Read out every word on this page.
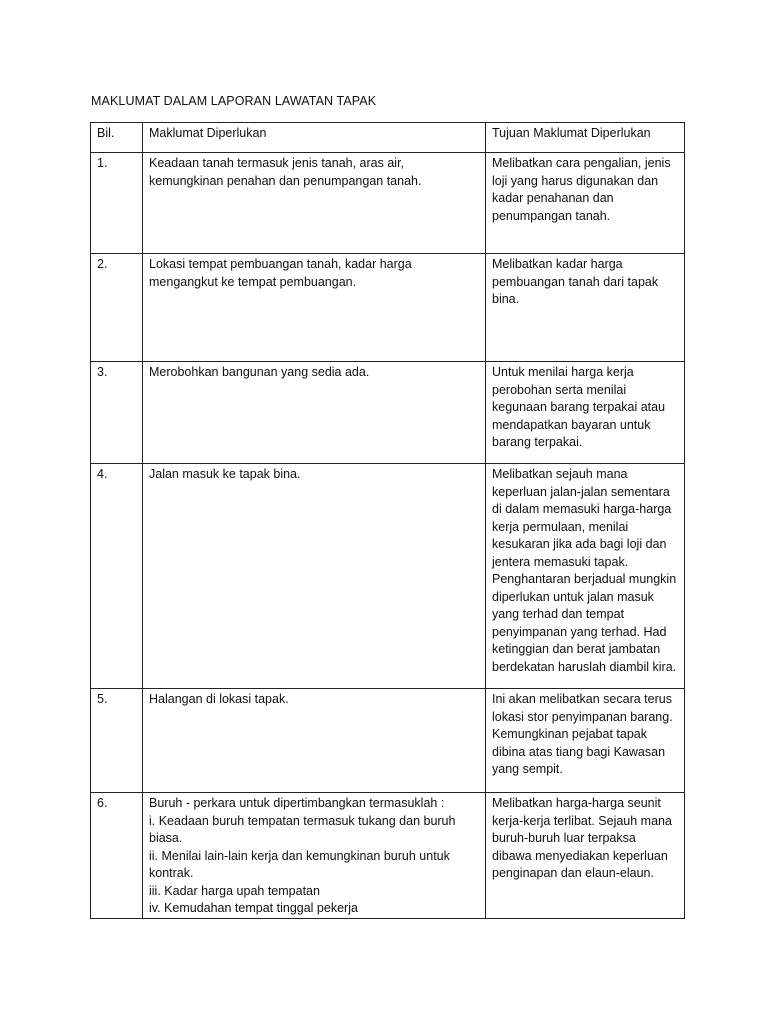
MAKLUMAT DALAM LAPORAN LAWATAN TAPAK
Bil.	Maklumat Diperlukan	Tujuan Maklumat Diperlukan
1.	Keadaan tanah termasuk jenis tanah, aras air, kemungkinan penahan dan penumpangan tanah.	Melibatkan cara pengalian, jenis loji yang harus digunakan dan kadar penahanan dan penumpangan tanah.
2.	Lokasi tempat pembuangan tanah, kadar harga mengangkut ke tempat pembuangan.	Melibatkan kadar harga pembuangan tanah dari tapak bina.
3.	Merobohkan bangunan yang sedia ada.	Untuk menilai harga kerja perobohan serta menilai kegunaan barang terpakai atau mendapatkan bayaran untuk barang terpakai.
4.	Jalan masuk ke tapak bina.	Melibatkan sejauh mana keperluan jalan-jalan sementara di dalam memasuki harga-harga kerja permulaan, menilai kesukaran jika ada bagi loji dan jentera memasuki tapak. Penghantaran berjadual mungkin diperlukan untuk jalan masuk yang terhad dan tempat penyimpanan yang terhad. Had ketinggian dan berat jambatan berdekatan haruslah diambil kira.
5.	Halangan di lokasi tapak.	Ini akan melibatkan secara terus lokasi stor penyimpanan barang. Kemungkinan pejabat tapak dibina atas tiang bagi Kawasan yang sempit.
6.	Buruh - perkara untuk dipertimbangkan termasuklah :
i. Keadaan buruh tempatan termasuk tukang dan buruh biasa.
ii. Menilai lain-lain kerja dan kemungkinan buruh untuk kontrak.
iii. Kadar harga upah tempatan
iv. Kemudahan tempat tinggal pekerja	Melibatkan harga-harga seunit kerja-kerja terlibat. Sejauh mana buruh-buruh luar terpaksa dibawa menyediakan keperluan penginapan dan elaun-elaun.
